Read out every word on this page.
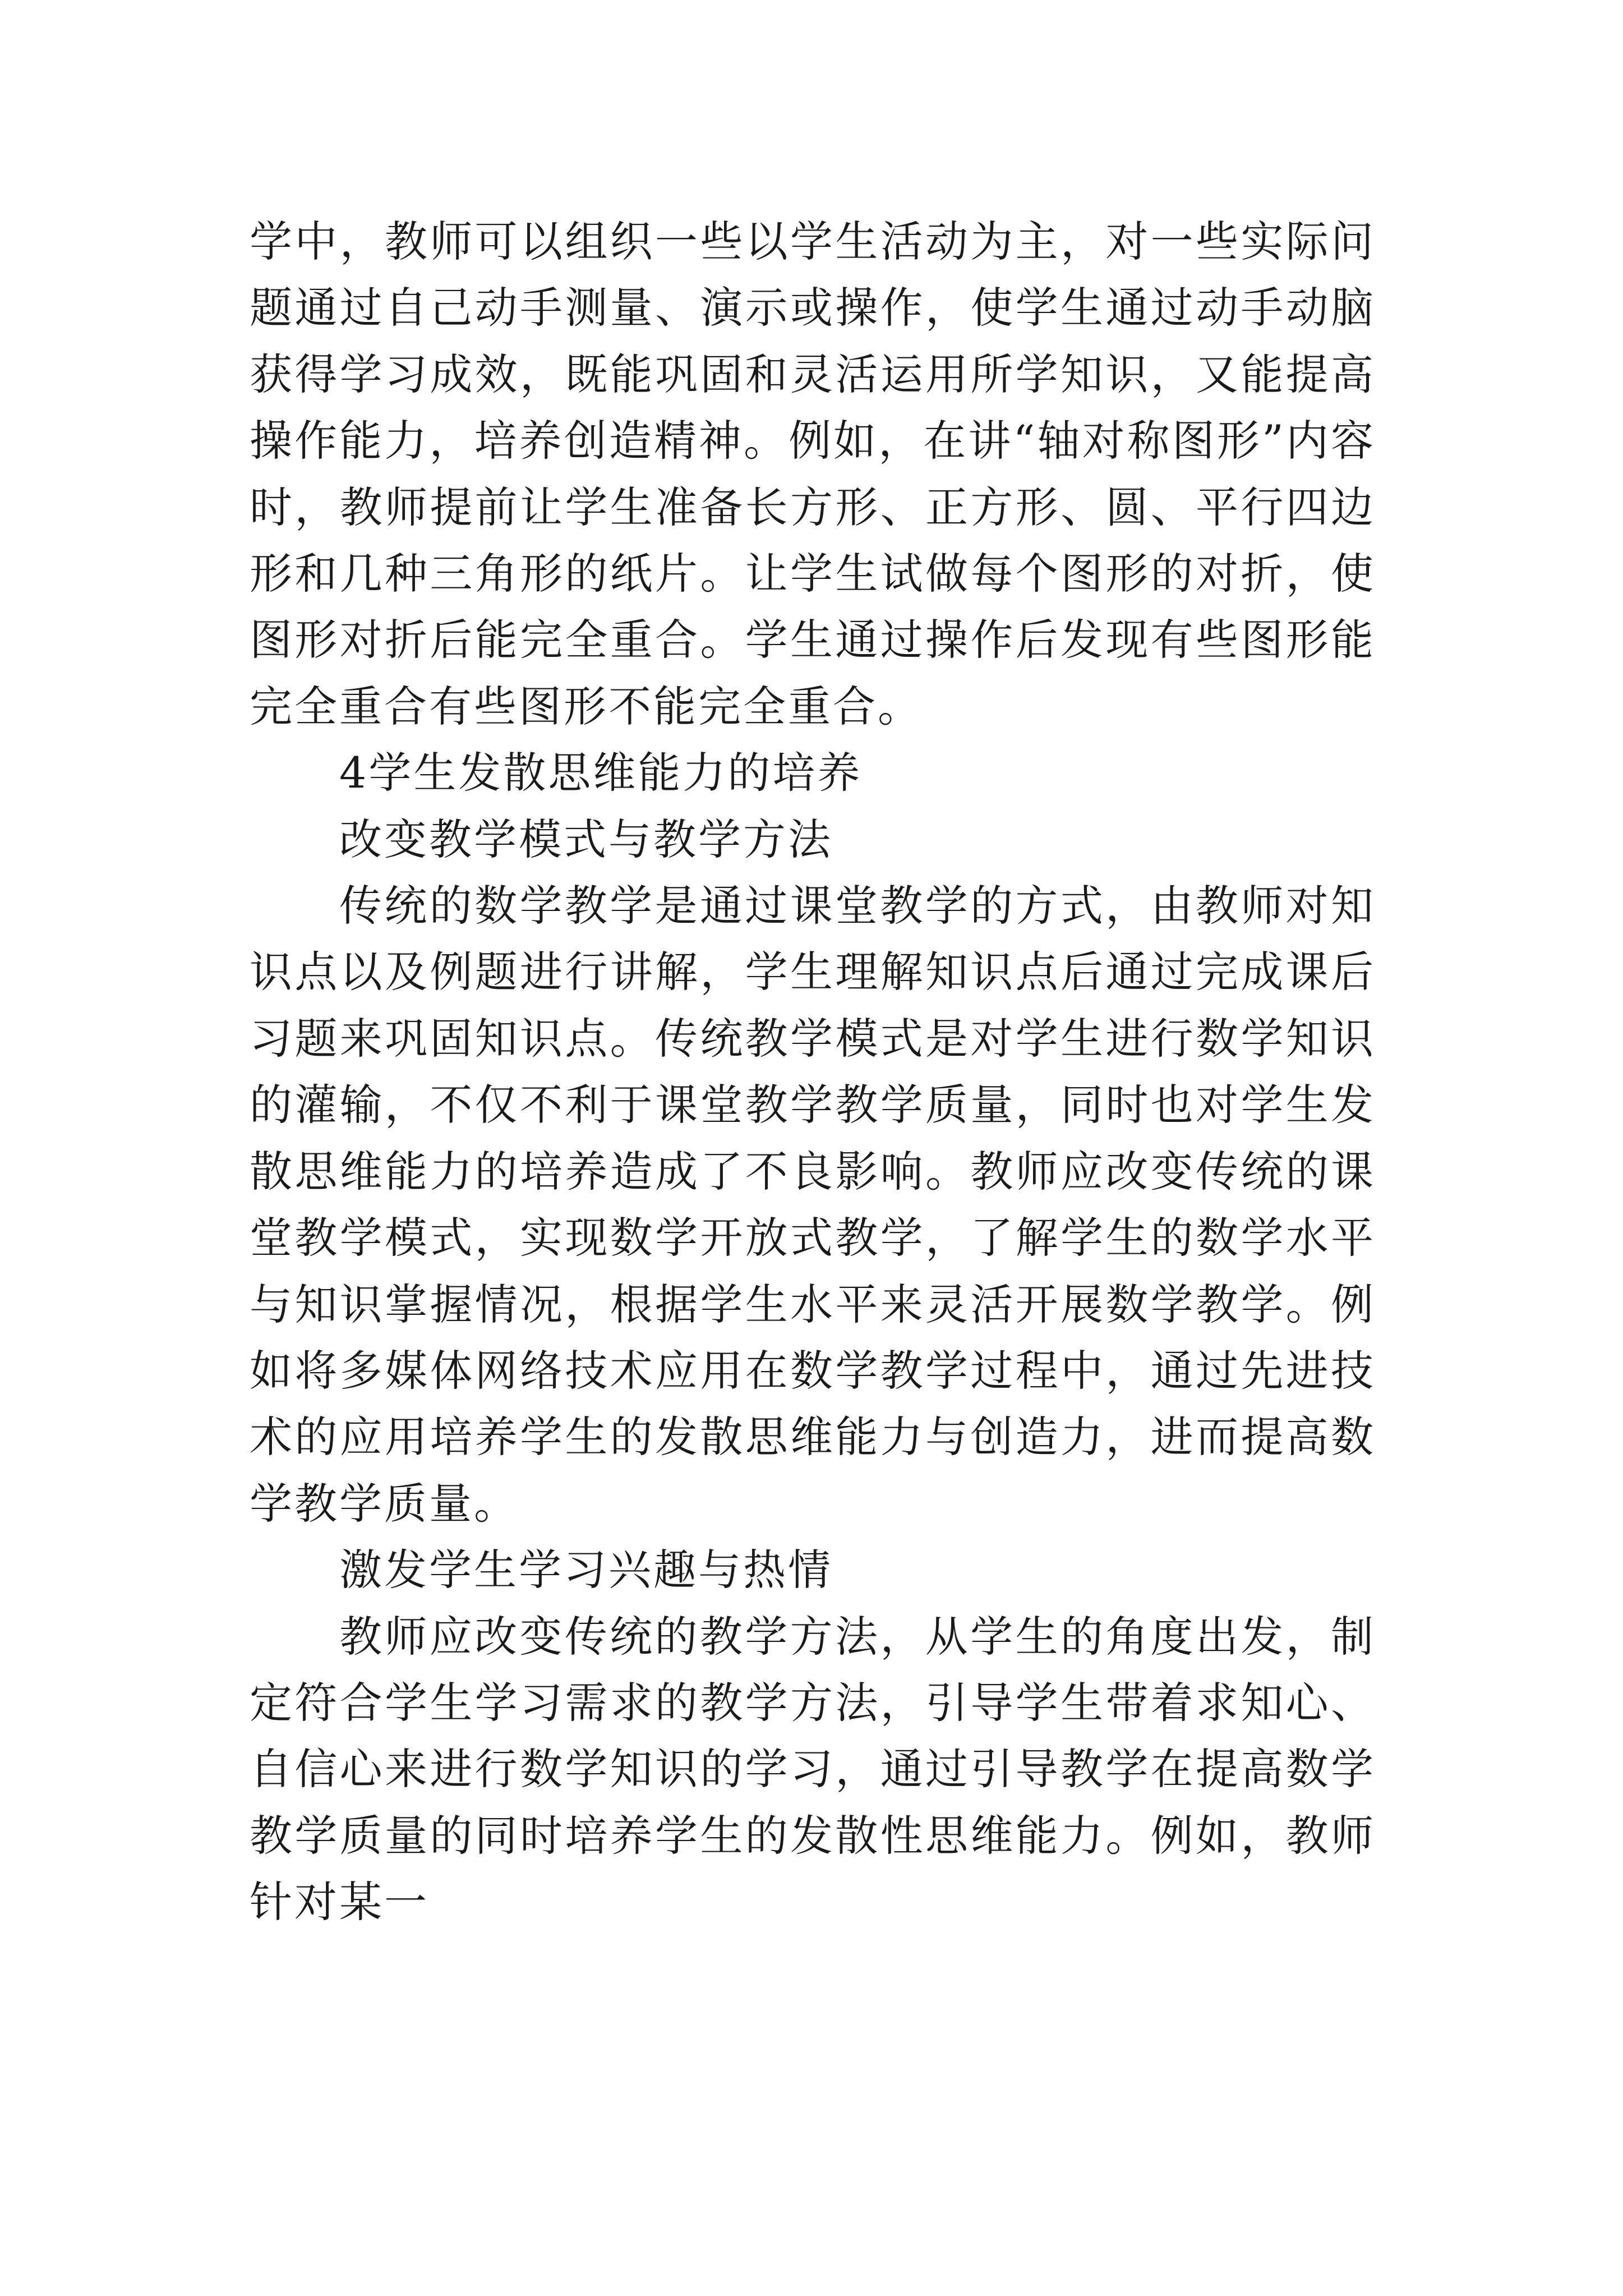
学中，教师可以组织一些以学生活动为主，对一些实际问题通过自己动手测量、演示或操作，使学生通过动手动脑获得学习成效，既能巩固和灵活运用所学知识，又能提高操作能力，培养创造精神。例如，在讲“轴对称图形”内容时，教师提前让学生准备长方形、正方形、圆、平行四边形和几种三角形的纸片。让学生试做每个图形的对折，使图形对折后能完全重合。学生通过操作后发现有些图形能完全重合有些图形不能完全重合。

4学生发散思维能力的培养

改变教学模式与教学方法

传统的数学教学是通过课堂教学的方式，由教师对知识点以及例题进行讲解，学生理解知识点后通过完成课后习题来巩固知识点。传统教学模式是对学生进行数学知识的灌输，不仅不利于课堂教学教学质量，同时也对学生发散思维能力的培养造成了不良影响。教师应改变传统的课堂教学模式，实现数学开放式教学，了解学生的数学水平与知识掌握情况，根据学生水平来灵活开展数学教学。例如将多媒体网络技术应用在数学教学过程中，通过先进技术的应用培养学生的发散思维能力与创造力，进而提高数学教学质量。

激发学生学习兴趣与热情

教师应改变传统的教学方法，从学生的角度出发，制定符合学生学习需求的教学方法，引导学生带着求知心、自信心来进行数学知识的学习，通过引导教学在提高数学教学质量的同时培养学生的发散性思维能力。例如，教师针对某一
